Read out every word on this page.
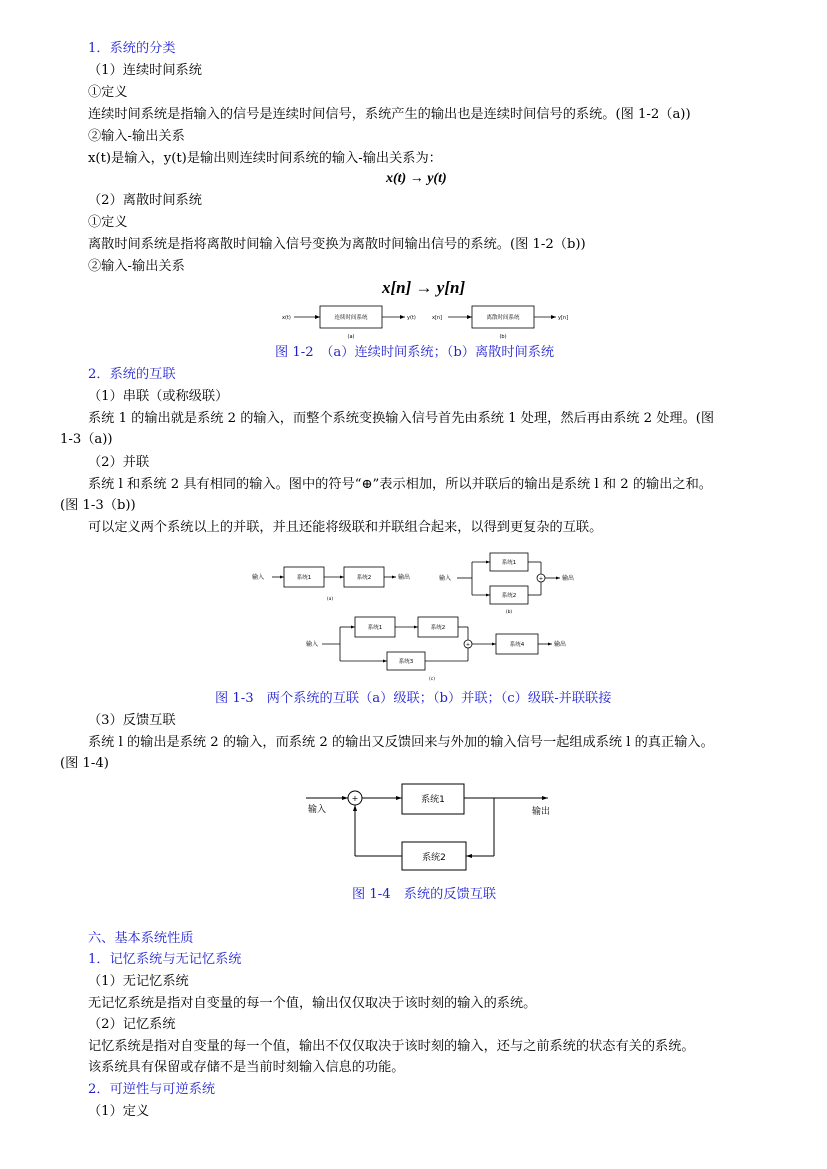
1．系统的分类
（1）连续时间系统
①定义
连续时间系统是指输入的信号是连续时间信号，系统产生的输出也是连续时间信号的系统。(图 1-2（a))
②输入-输出关系
x(t)是输入，y(t)是输出则连续时间系统的输入-输出关系为：
x(t) → y(t)
（2）离散时间系统
①定义
离散时间系统是指将离散时间输入信号变换为离散时间输出信号的系统。(图 1-2（b))
②输入-输出关系
x[n] → y[n]
x(t)	连续时间系统	y(t)
(a)
x[n]	离散时间系统	y[n]
(b)
图 1-2　（a）连续时间系统；（b）离散时间系统
2．系统的互联
（1）串联（或称级联）
系统 1 的输出就是系统 2 的输入，而整个系统变换输入信号首先由系统 1 处理，然后再由系统 2 处理。(图
1-3（a))
（2）并联
系统 l 和系统 2 具有相同的输入。图中的符号“⊕”表示相加，所以并联后的输出是系统 l 和 2 的输出之和。
(图 1-3（b))
可以定义两个系统以上的并联，并且还能将级联和并联组合起来，以得到更复杂的互联。
输入	系统1	系统2	输出
(a)
输入
系统1
系统2
+	输出
(b)
输入
系统1	系统2
系统3
+	系统4	输出
(c)
图 1-3　两个系统的互联（a）级联；（b）并联；（c）级联-并联联接
（3）反馈互联
系统 l 的输出是系统 2 的输入，而系统 2 的输出又反馈回来与外加的输入信号一起组成系统 l 的真正输入。
(图 1-4)
输入
+	系统1
系统2
输出
图 1-4　系统的反馈互联
六、基本系统性质
1．记忆系统与无记忆系统
（1）无记忆系统
无记忆系统是指对自变量的每一个值，输出仅仅取决于该时刻的输入的系统。
（2）记忆系统
记忆系统是指对自变量的每一个值，输出不仅仅取决于该时刻的输入，还与之前系统的状态有关的系统。
该系统具有保留或存储不是当前时刻输入信息的功能。
2．可逆性与可逆系统
（1）定义
